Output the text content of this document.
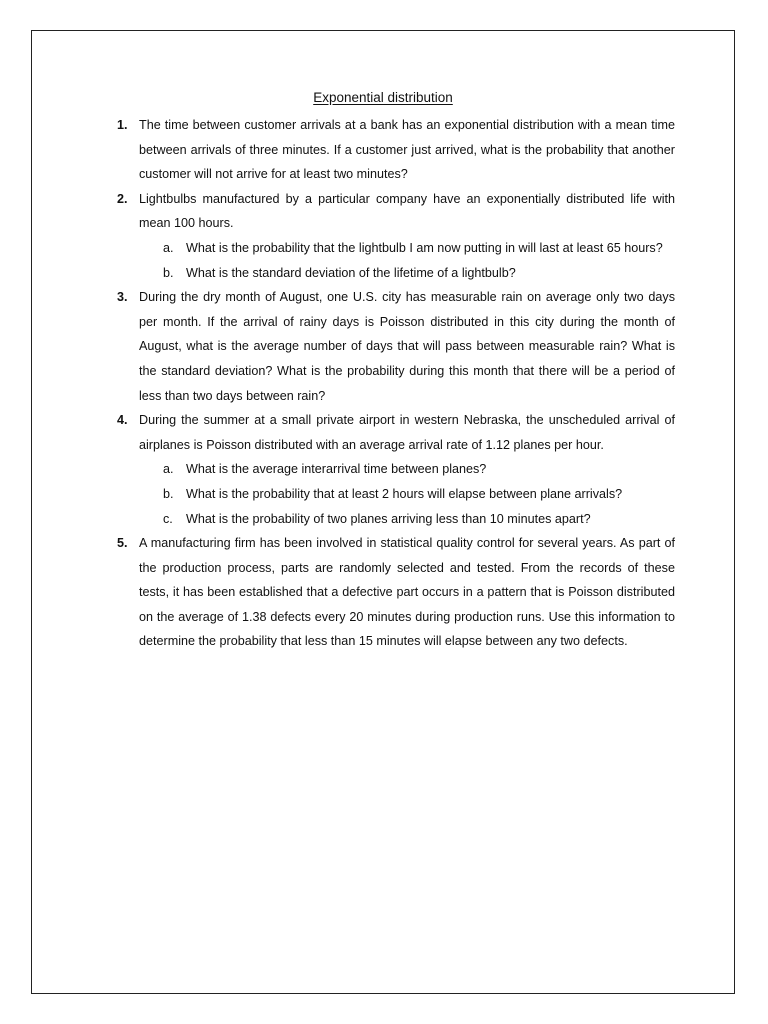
Exponential distribution
1. The time between customer arrivals at a bank has an exponential distribution with a mean time between arrivals of three minutes. If a customer just arrived, what is the probability that another customer will not arrive for at least two minutes?
2. Lightbulbs manufactured by a particular company have an exponentially distributed life with mean 100 hours.
a. What is the probability that the lightbulb I am now putting in will last at least 65 hours?
b. What is the standard deviation of the lifetime of a lightbulb?
3. During the dry month of August, one U.S. city has measurable rain on average only two days per month. If the arrival of rainy days is Poisson distributed in this city during the month of August, what is the average number of days that will pass between measurable rain? What is the standard deviation? What is the probability during this month that there will be a period of less than two days between rain?
4. During the summer at a small private airport in western Nebraska, the unscheduled arrival of airplanes is Poisson distributed with an average arrival rate of 1.12 planes per hour.
a. What is the average interarrival time between planes?
b. What is the probability that at least 2 hours will elapse between plane arrivals?
c. What is the probability of two planes arriving less than 10 minutes apart?
5. A manufacturing firm has been involved in statistical quality control for several years. As part of the production process, parts are randomly selected and tested. From the records of these tests, it has been established that a defective part occurs in a pattern that is Poisson distributed on the average of 1.38 defects every 20 minutes during production runs. Use this information to determine the probability that less than 15 minutes will elapse between any two defects.
